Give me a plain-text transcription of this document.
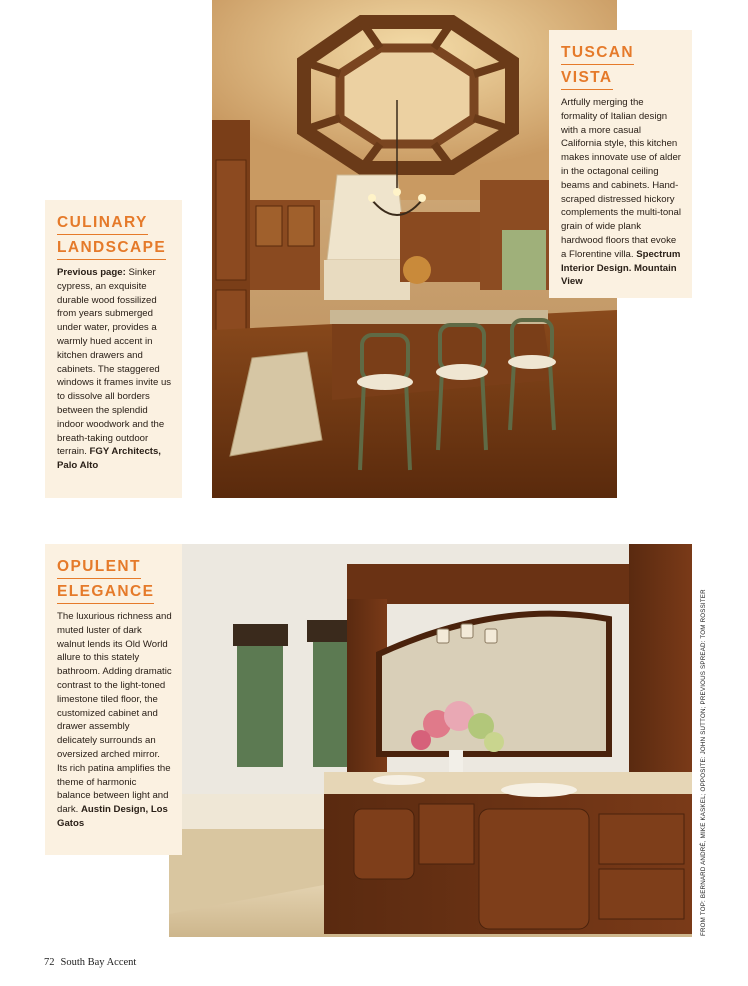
CULINARY
LANDSCAPE
Previous page: Sinker cypress, an exquisite durable wood fossilized from years submerged under water, provides a warmly hued accent in kitchen drawers and cabinets. The staggered windows it frames invite us to dissolve all borders between the splendid indoor woodwork and the breath-taking outdoor terrain. FGY Architects, Palo Alto
TUSCAN
VISTA
Artfully merging the formality of Italian design with a more casual California style, this kitchen makes innovate use of alder in the octagonal ceiling beams and cabinets. Hand-scraped distressed hickory complements the multi-tonal grain of wide plank hardwood floors that evoke a Florentine villa. Spectrum Interior Design. Mountain View
OPULENT
ELEGANCE
The luxurious richness and muted luster of dark walnut lends its Old World allure to this stately bathroom. Adding dramatic contrast to the light-toned limestone tiled floor, the customized cabinet and drawer assembly delicately surrounds an oversized arched mirror. Its rich patina amplifies the theme of harmonic balance between light and dark. Austin Design, Los Gatos	FROM TOP: BERNARD ANDRÉ, MIKE KASKEL; OPPOSITE: JOHN SUTTON; PREVIOUS SPREAD: TOM ROSSITER
72 South Bay Accent
